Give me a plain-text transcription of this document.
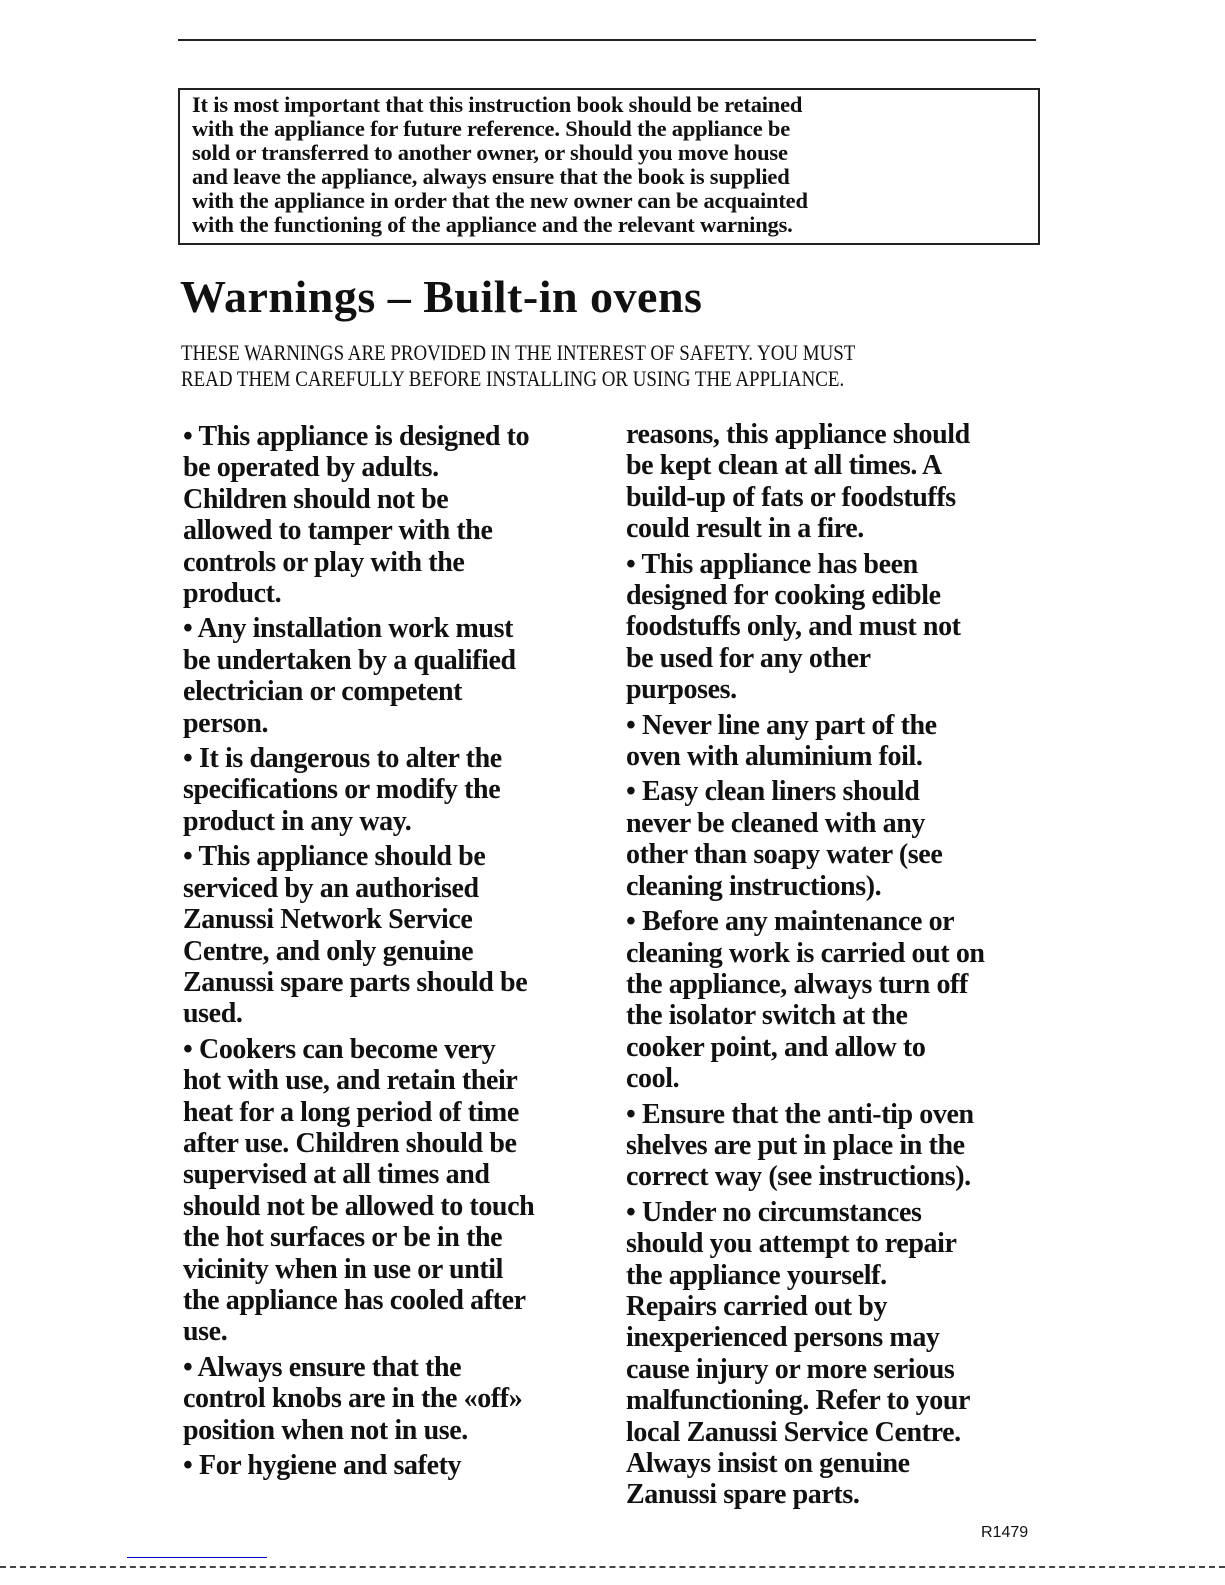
It is most important that this instruction book should be retained
with the appliance for future reference. Should the appliance be
sold or transferred to another owner, or should you move house
and leave the appliance, always ensure that the book is supplied
with the appliance in order that the new owner can be acquainted
with the functioning of the appliance and the relevant warnings.
Warnings – Built-in ovens
THESE WARNINGS ARE PROVIDED IN THE INTEREST OF SAFETY. YOU MUST
READ THEM CAREFULLY BEFORE INSTALLING OR USING THE APPLIANCE.
• This appliance is designed to
be operated by adults.
Children should not be
allowed to tamper with the
controls or play with the
product.
• Any installation work must
be undertaken by a qualified
electrician or competent
person.
• It is dangerous to alter the
specifications or modify the
product in any way.
• This appliance should be
serviced by an authorised
Zanussi Network Service
Centre, and only genuine
Zanussi spare parts should be
used.
• Cookers can become very
hot with use, and retain their
heat for a long period of time
after use. Children should be
supervised at all times and
should not be allowed to touch
the hot surfaces or be in the
vicinity when in use or until
the appliance has cooled after
use.
• Always ensure that the
control knobs are in the «off»
position when not in use.
• For hygiene and safety
reasons, this appliance should
be kept clean at all times. A
build-up of fats or foodstuffs
could result in a fire.
• This appliance has been
designed for cooking edible
foodstuffs only, and must not
be used for any other
purposes.
• Never line any part of the
oven with aluminium foil.
• Easy clean liners should
never be cleaned with any
other than soapy water (see
cleaning instructions).
• Before any maintenance or
cleaning work is carried out on
the appliance, always turn off
the isolator switch at the
cooker point, and allow to
cool.
• Ensure that the anti-tip oven
shelves are put in place in the
correct way (see instructions).
• Under no circumstances
should you attempt to repair
the appliance yourself.
Repairs carried out by
inexperienced persons may
cause injury or more serious
malfunctioning. Refer to your
local Zanussi Service Centre.
Always insist on genuine
Zanussi spare parts.
R1479
